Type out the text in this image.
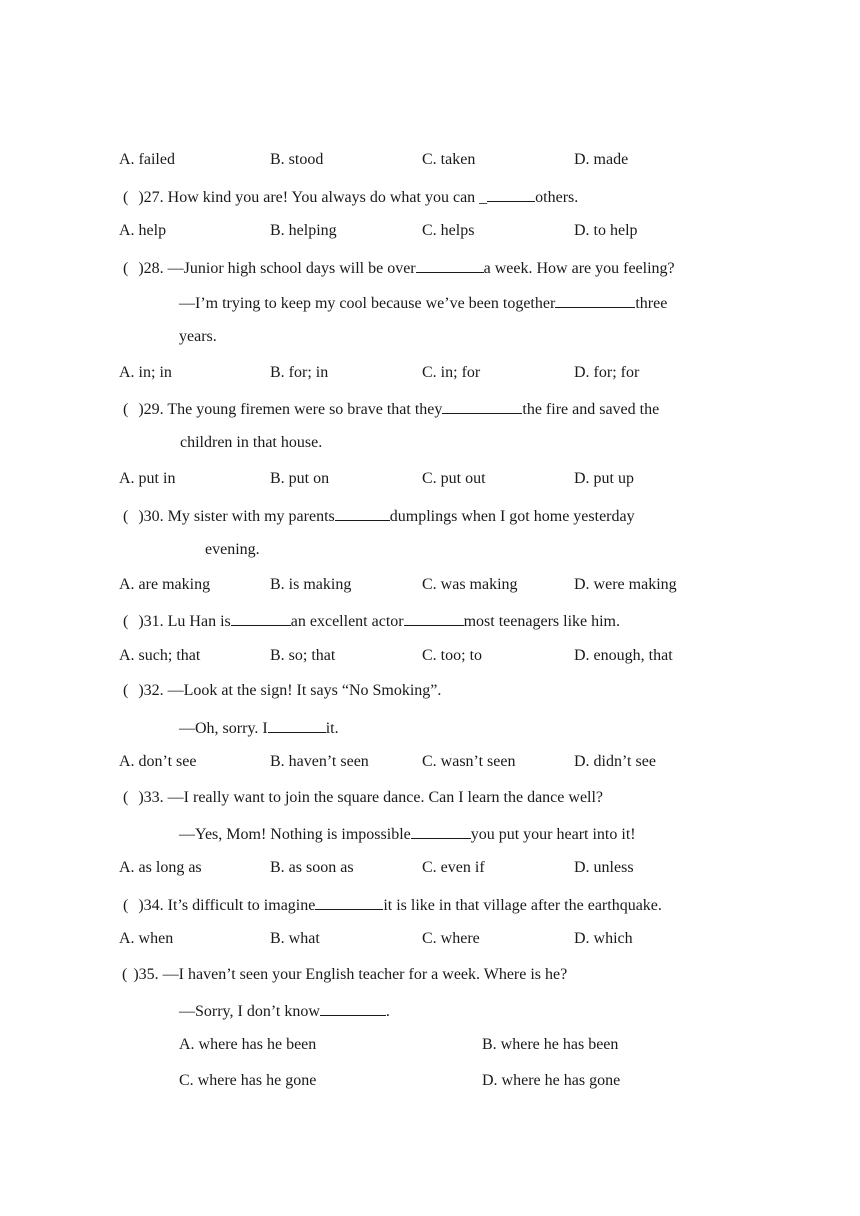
A. failed	B. stood	C. taken	D. made
( )27. How kind you are! You always do what you can _	others.
A. help	B. helping	C. helps	D. to help
( )28. —Junior high school days will be over	a week. How are you feeling?
—I’m trying to keep my cool because we’ve been together	three
years.
A. in; in	B. for; in	C. in; for	D. for; for
( )29. The young firemen were so brave that they	the fire and saved the
children in that house.
A. put in	B. put on	C. put out	D. put up
( )30. My sister with my parents	dumplings when I got home yesterday
evening.
A. are making	B. is making	C. was making	D. were making
( )31. Lu Han is	an excellent actor	most teenagers like him.
A. such; that	B. so; that	C. too; to	D. enough, that
( )32. —Look at the sign! It says “No Smoking”.
—Oh, sorry. I	it.
A. don’t see	B. haven’t seen	C. wasn’t seen	D. didn’t see
( )33. —I really want to join the square dance. Can I learn the dance well?
—Yes, Mom! Nothing is impossible	you put your heart into it!
A. as long as	B. as soon as	C. even if	D. unless
( )34. It’s difficult to imagine	it is like in that village after the earthquake.
A. when	B. what	C. where	D. which
( )35. —I haven’t seen your English teacher for a week. Where is he?
—Sorry, I don’t know	.
A. where has he been	B. where he has been
C. where has he gone	D. where he has gone
